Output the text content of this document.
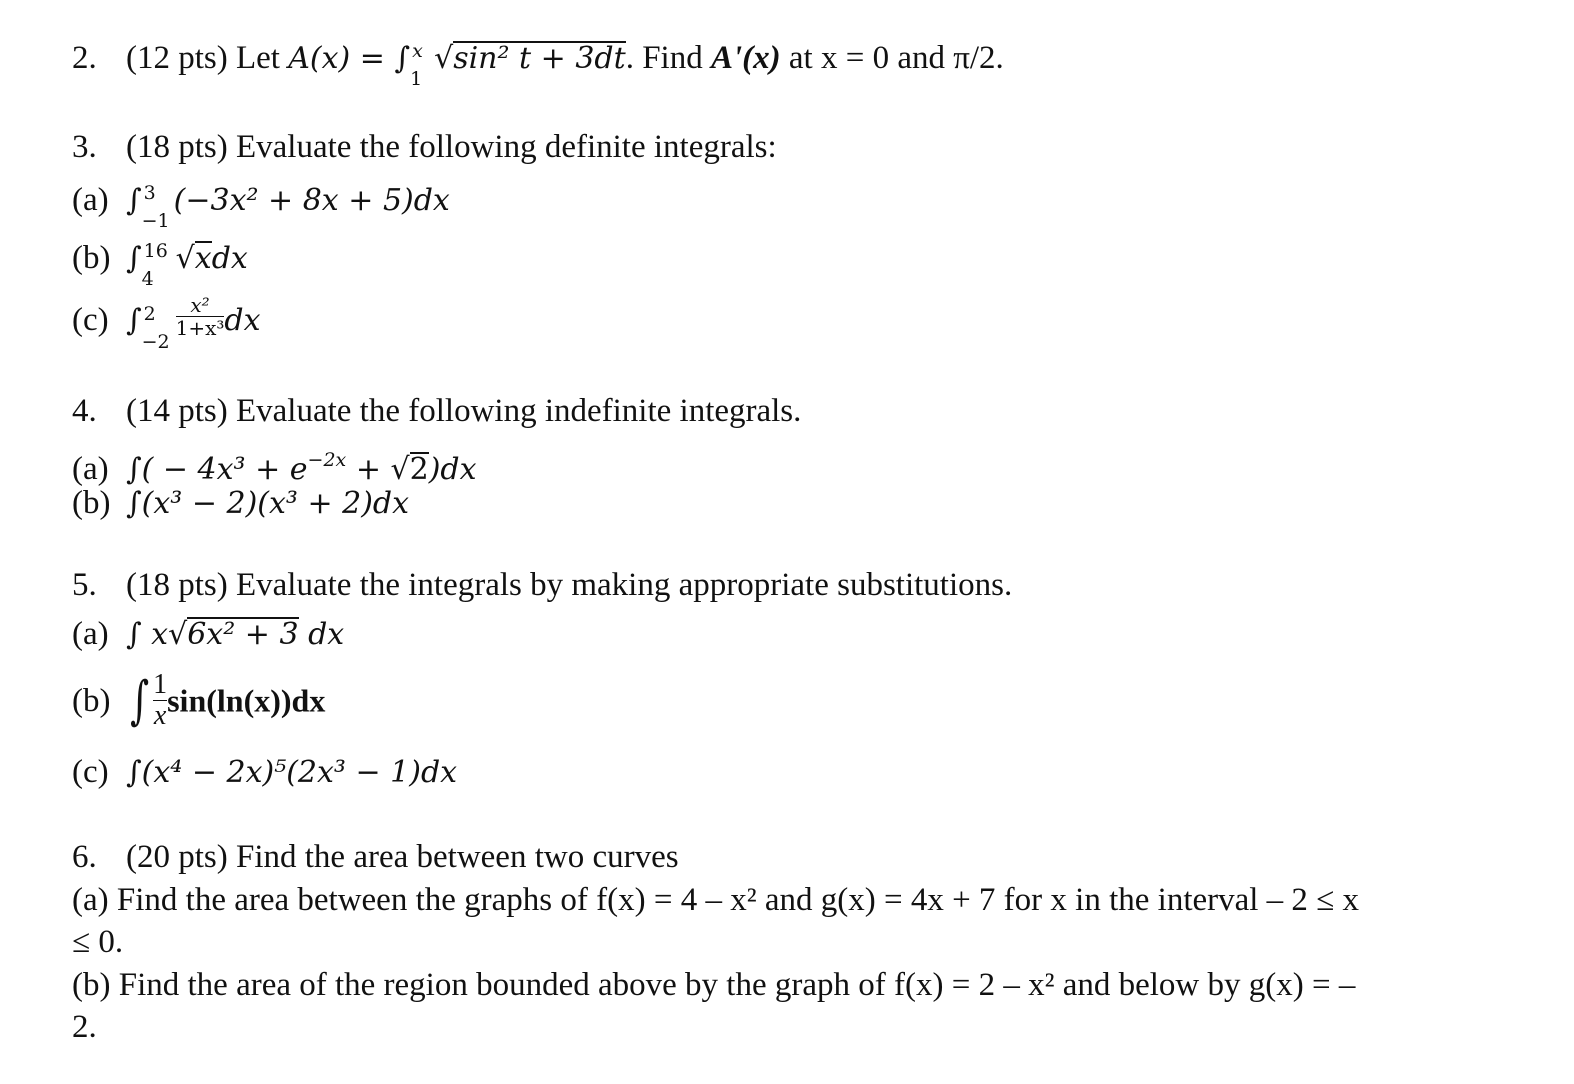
2. (12 pts) Let A(x) = ∫ x
1
√sin² t + 3dt. Find A'(x) at x = 0 and π/2.
3. (18 pts) Evaluate the following definite integrals:
(a) ∫ 3
−1
(−3x² + 8x + 5)dx
(b) ∫ 16
4
√xdx
(c) ∫ 2
−2
$\frac{\text{x²}}{\text{1+x³}}$ dx
4. (14 pts) Evaluate the following indefinite integrals.
(a) ∫( − $4x^3 + e^{-2x} + √2)dx$
(b) ∫(x³ − 2)(x³ + 2)dx
5. (18 pts) Evaluate the integrals by making appropriate substitutions.
(a) ∫ x√6x² + 3 dx
(b) ∫ $\frac{1}{x} \sin(\ln(x))dx$
(c) ∫(x⁴ − 2x)⁵(2x³ − 1)dx
6. (20 pts) Find the area between two curves
(a) Find the area between the graphs of f(x) = 4 – x² and g(x) = 4x + 7 for x in the interval – 2 ≤ x
≤ 0.
(b) Find the area of the region bounded above by the graph of f(x) = 2 – x² and below by g(x) = –
2.
